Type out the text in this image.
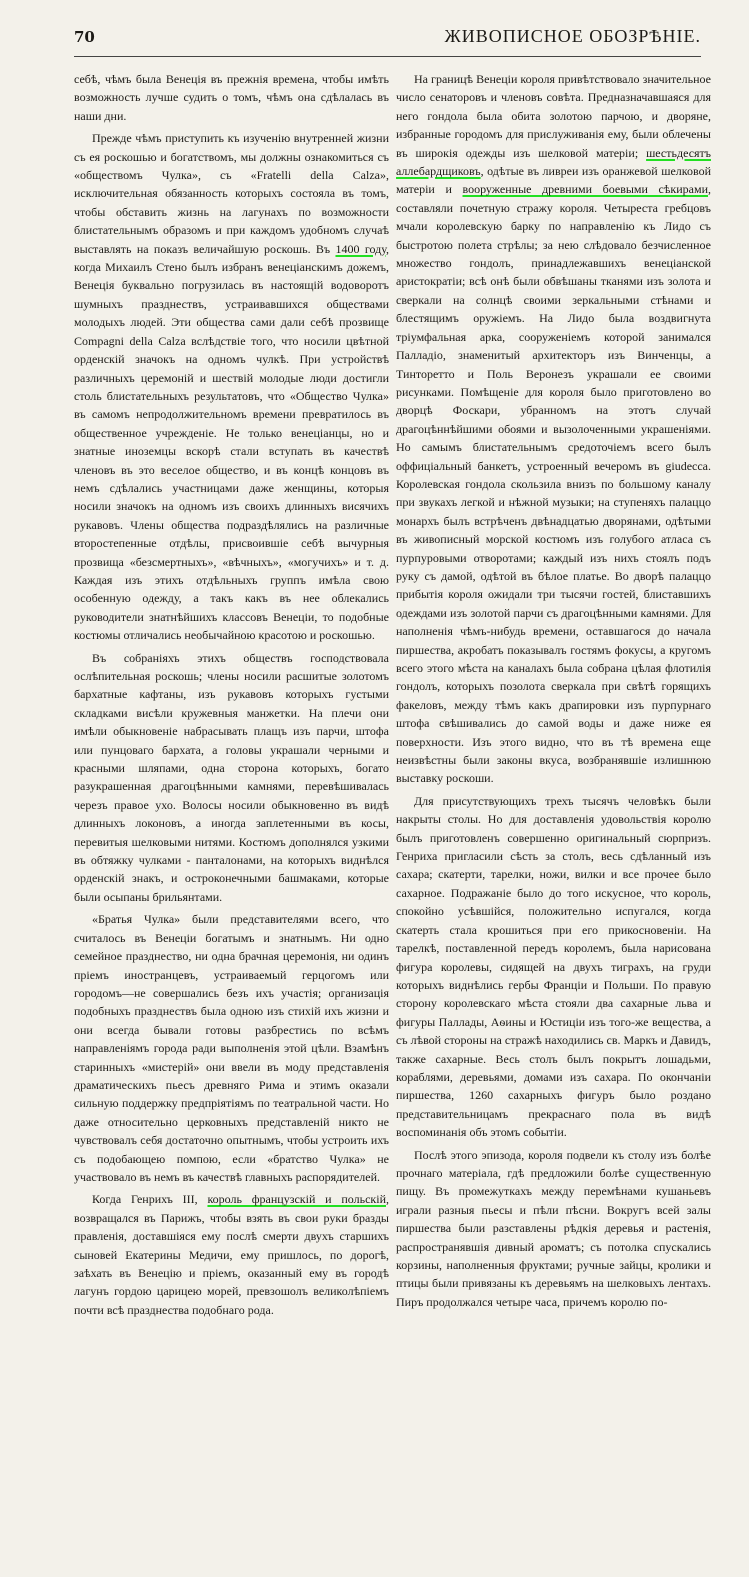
70	ЖИВОПИСНОЕ ОБОЗРѢНІЕ.

себѣ, чѣмъ была Венеція въ прежнія времена, чтобы имѣть возможность лучше судить о томъ, чѣмъ она сдѣлалась въ наши дни.

Прежде чѣмъ приступить къ изученію внутренней жизни съ ея роскошью и богатствомъ, мы должны ознакомиться съ «обществомъ Чулка», съ «Fratelli della Calza», исключительная обязанность которыхъ состояла въ томъ, чтобы обставить жизнь на лагунахъ по возможности блистательнымъ образомъ и при каждомъ удобномъ случаѣ выставлять на показъ величайшую роскошь. Въ 1400 году, когда Михаилъ Стено былъ избранъ венеціанскимъ дожемъ, Венеція буквально погрузилась въ настоящій водоворотъ шумныхъ празднествъ, устраивавшихся обществами молодыхъ людей. Эти общества сами дали себѣ прозвище Compagni della Calza вслѣдствіе того, что носили цвѣтной орденскій значокъ на одномъ чулкѣ. При устройствѣ различныхъ церемоній и шествій молодые люди достигли столь блистательныхъ результатовъ, что «Общество Чулка» въ самомъ непродолжительномъ времени превратилось въ общественное учрежденіе. Не только венеціанцы, но и знатные иноземцы вскорѣ стали вступать въ качествѣ членовъ въ это веселое общество, и въ концѣ концовъ въ немъ сдѣлались участницами даже женщины, которыя носили значокъ на одномъ изъ своихъ длинныхъ висячихъ рукавовъ. Члены общества подраздѣлялись на различные второстепенные отдѣлы, присвоившіе себѣ вычурныя прозвища «безсмертныхъ», «вѣчныхъ», «могучихъ» и т. д. Каждая изъ этихъ отдѣльныхъ группъ имѣла свою особенную одежду, а такъ какъ въ нее облекались руководители знатнѣйшихъ классовъ Венеціи, то подобные костюмы отличались необычайною красотою и роскошью.

Въ собраніяхъ этихъ обществъ господствовала ослѣпительная роскошь; члены носили расшитые золотомъ бархатные кафтаны, изъ рукавовъ которыхъ густыми складками висѣли кружевныя манжетки. На плечи они имѣли обыкновеніе набрасывать плащъ изъ парчи, штофа или пунцоваго бархата, а головы украшали черными и красными шляпами, одна сторона которыхъ, богато разукрашенная драгоцѣнными камнями, перевѣшивалась черезъ правое ухо. Волосы носили обыкновенно въ видѣ длинныхъ локоновъ, а иногда заплетенными въ косы, перевитыя шелковыми нитями. Костюмъ дополнялся узкими въ обтяжку чулками - панталонами, на которыхъ виднѣлся орденскій знакъ, и остроконечными башмаками, которые были осыпаны брильянтами.

«Братья Чулка» были представителями всего, что считалось въ Венеціи богатымъ и знатнымъ. Ни одно семейное празднество, ни одна брачная церемонія, ни одинъ пріемъ иностранцевъ, устраиваемый герцогомъ или городомъ—не совершались безъ ихъ участія; организація подобныхъ празднествъ была одною изъ стихій ихъ жизни и они всегда бывали готовы разбрестись по всѣмъ направленіямъ города ради выполненія этой цѣли. Взамѣнъ старинныхъ «мистерій» они ввели въ моду представленія драматическихъ пьесъ древняго Рима и этимъ оказали сильную поддержку предпріятіямъ по театральной части. Но даже относительно церковныхъ представленій никто не чувствовалъ себя достаточно опытнымъ, чтобы устроить ихъ съ подобающею помпою, если «братство Чулка» не участвовало въ немъ въ качествѣ главныхъ распорядителей.

Когда Генрихъ III, король французскій и польскій, возвращался въ Парижъ, чтобы взять въ свои руки бразды правленія, доставшіяся ему послѣ смерти двухъ старшихъ сыновей Екатерины Медичи, ему пришлось, по дорогѣ, заѣхать въ Венецію и пріемъ, оказанный ему въ городѣ лагунъ гордою царицею морей, превзошолъ великолѣпіемъ почти всѣ празднества подобнаго рода.

На границѣ Венеціи короля привѣтствовало значительное число сенаторовъ и членовъ совѣта. Предназначавшаяся для него гондола была обита золотою парчою, и дворяне, избранные городомъ для прислуживанія ему, были облечены въ широкія одежды изъ шелковой матеріи; шестьдесятъ аллебардщиковъ, одѣтые въ ливреи изъ оранжевой шелковой матеріи и вооруженные древними боевыми сѣкирами, составляли почетную стражу короля. Четыреста гребцовъ мчали королевскую барку по направленію къ Лидо съ быстротою полета стрѣлы; за нею слѣдовало безчисленное множество гондолъ, принадлежавшихъ венеціанской аристократіи; всѣ онѣ были обвѣшаны тканями изъ золота и сверкали на солнцѣ своими зеркальными стѣнами и блестящимъ оружіемъ. На Лидо была воздвигнута тріумфальная арка, сооруженіемъ которой занимался Палладіо, знаменитый архитекторъ изъ Винченцы, а Тинторетто и Поль Веронезъ украшали ее своими рисунками. Помѣщеніе для короля было приготовлено во дворцѣ Фоскари, убранномъ на этотъ случай драгоцѣннѣйшими обоями и вызолоченными украшеніями. Но самымъ блистательнымъ средоточіемъ всего былъ оффиціальный банкетъ, устроенный вечеромъ въ giudecca. Королевская гондола скользила внизъ по большому каналу при звукахъ легкой и нѣжной музыки; на ступеняхъ палаццо монархъ былъ встрѣченъ двѣнадцатью дворянами, одѣтыми въ живописный морской костюмъ изъ голубого атласа съ пурпуровыми отворотами; каждый изъ нихъ стоялъ подъ руку съ дамой, одѣтой въ бѣлое платье. Во дворѣ палаццо прибытія короля ожидали три тысячи гостей, блиставшихъ одеждами изъ золотой парчи съ драгоцѣнными камнями. Для наполненія чѣмъ-нибудь времени, оставшагося до начала пиршества, акробатъ показывалъ гостямъ фокусы, а кругомъ всего этого мѣста на каналахъ была собрана цѣлая флотилія гондолъ, которыхъ позолота сверкала при свѣтѣ горящихъ факеловъ, между тѣмъ какъ драпировки изъ пурпурнаго штофа свѣшивались до самой воды и даже ниже ея поверхности. Изъ этого видно, что въ тѣ времена еще неизвѣстны были законы вкуса, возбранявшіе излишнюю выставку роскоши.

Для присутствующихъ трехъ тысячъ человѣкъ были накрыты столы. Но для доставленія удовольствія королю былъ приготовленъ совершенно оригинальный сюрпризъ. Генриха пригласили сѣсть за столъ, весь сдѣланный изъ сахара; скатерти, тарелки, ножи, вилки и все прочее было сахарное. Подражаніе было до того искусное, что король, спокойно усѣвшійся, положительно испугался, когда скатерть стала крошиться при его прикосновеніи. На тарелкѣ, поставленной передъ королемъ, была нарисована фигура королевы, сидящей на двухъ тиграхъ, на груди которыхъ виднѣлись гербы Франціи и Польши. По правую сторону королевскаго мѣста стояли два сахарные льва и фигуры Паллады, Аѳины и Юстиціи изъ того-же вещества, а съ лѣвой стороны на стражѣ находились св. Маркъ и Давидъ, также сахарные. Весь столъ былъ покрытъ лошадьми, кораблями, деревьями, домами изъ сахара. По окончаніи пиршества, 1260 сахарныхъ фигуръ было роздано представительницамъ прекраснаго пола въ видѣ воспоминанія объ этомъ событіи.

Послѣ этого эпизода, короля подвели къ столу изъ болѣе прочнаго матеріала, гдѣ предложили болѣе существенную пищу. Въ промежуткахъ между перемѣнами кушаньевъ играли разныя пьесы и пѣли пѣсни. Вокругъ всей залы пиршества были разставлены рѣдкія деревья и растенія, распространявшія дивный ароматъ; съ потолка спускались корзины, наполненныя фруктами; ручные зайцы, кролики и птицы были привязаны къ деревьямъ на шелковыхъ лентахъ. Пиръ продолжался четыре часа, причемъ королю по-
